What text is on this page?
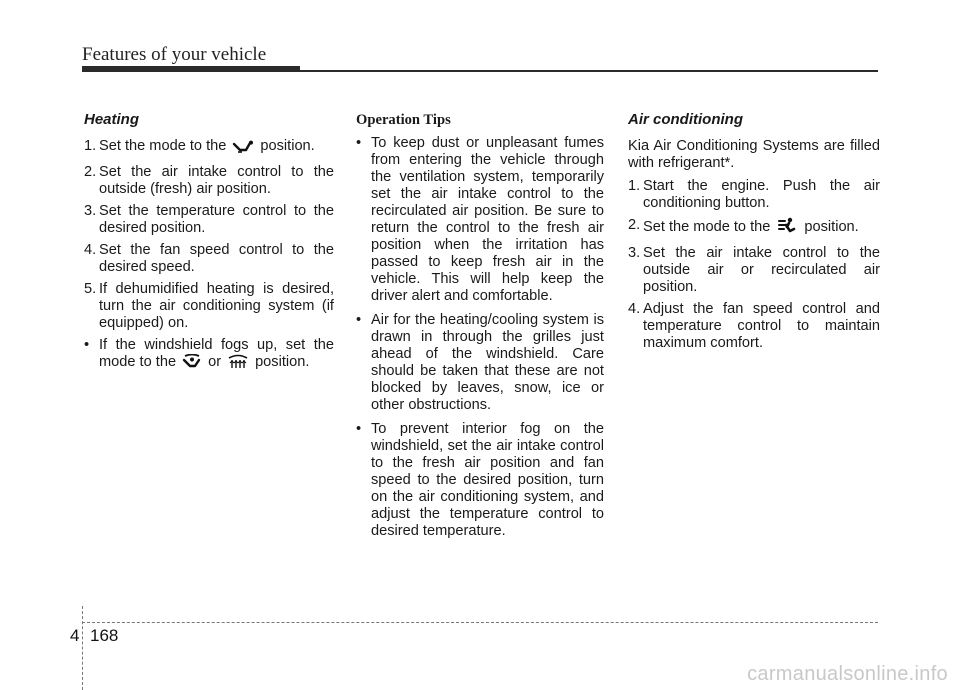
Features of your vehicle
Heating
1. Set the mode to the position.
2. Set the air intake control to the outside (fresh) air position.
3. Set the temperature control to the desired position.
4. Set the fan speed control to the desired speed.
5. If dehumidified heating is desired, turn the air conditioning system (if equipped) on.
• If the windshield fogs up, set the mode to the or position.
Operation Tips
• To keep dust or unpleasant fumes from entering the vehicle through the ventilation system, temporarily set the air intake control to the recirculated air position. Be sure to return the control to the fresh air position when the irritation has passed to keep fresh air in the vehicle. This will help keep the driver alert and comfortable.
• Air for the heating/cooling system is drawn in through the grilles just ahead of the windshield. Care should be taken that these are not blocked by leaves, snow, ice or other obstructions.
• To prevent interior fog on the windshield, set the air intake control to the fresh air position and fan speed to the desired position, turn on the air conditioning system, and adjust the temperature control to desired temperature.
Air conditioning

Kia Air Conditioning Systems are filled with refrigerant*.

1. Start the engine. Push the air conditioning button.
2. Set the mode to the position.
3. Set the air intake control to the outside air or recirculated air position.
4. Adjust the fan speed control and temperature control to maintain maximum comfort.
4 168
carmanualsonline.info
